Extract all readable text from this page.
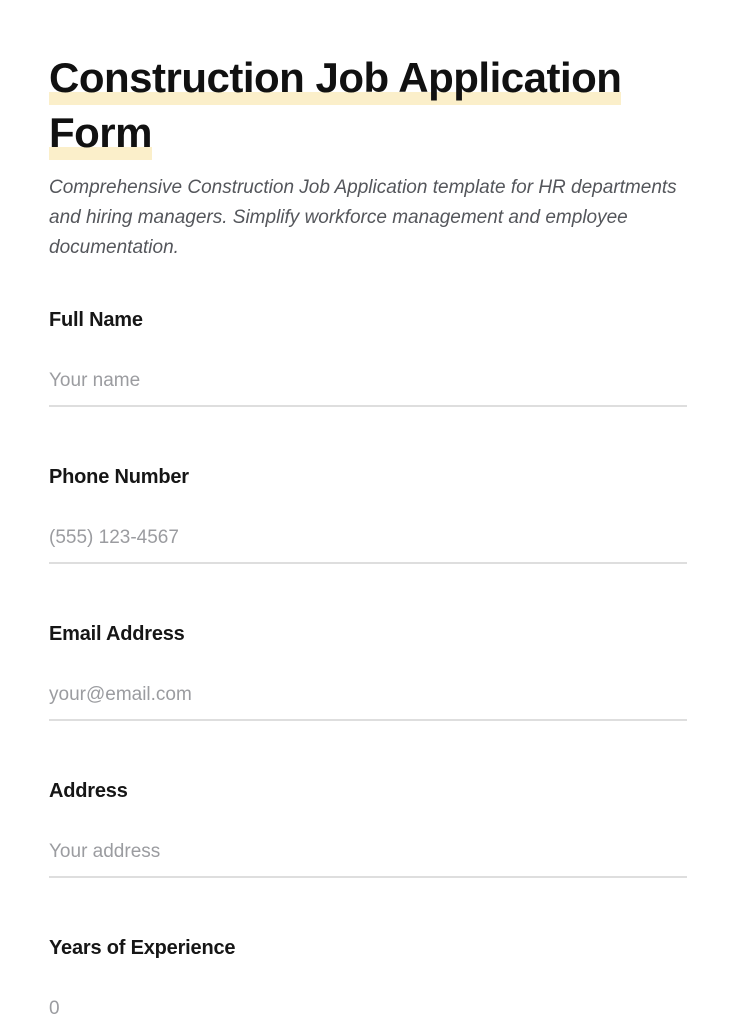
Construction Job Application
Form

Comprehensive Construction Job Application template for HR departments and hiring managers. Simplify workforce management and employee documentation.

Full Name
Your name
Phone Number
(555) 123-4567
Email Address
your@email.com
Address
Your address
Years of Experience
0
